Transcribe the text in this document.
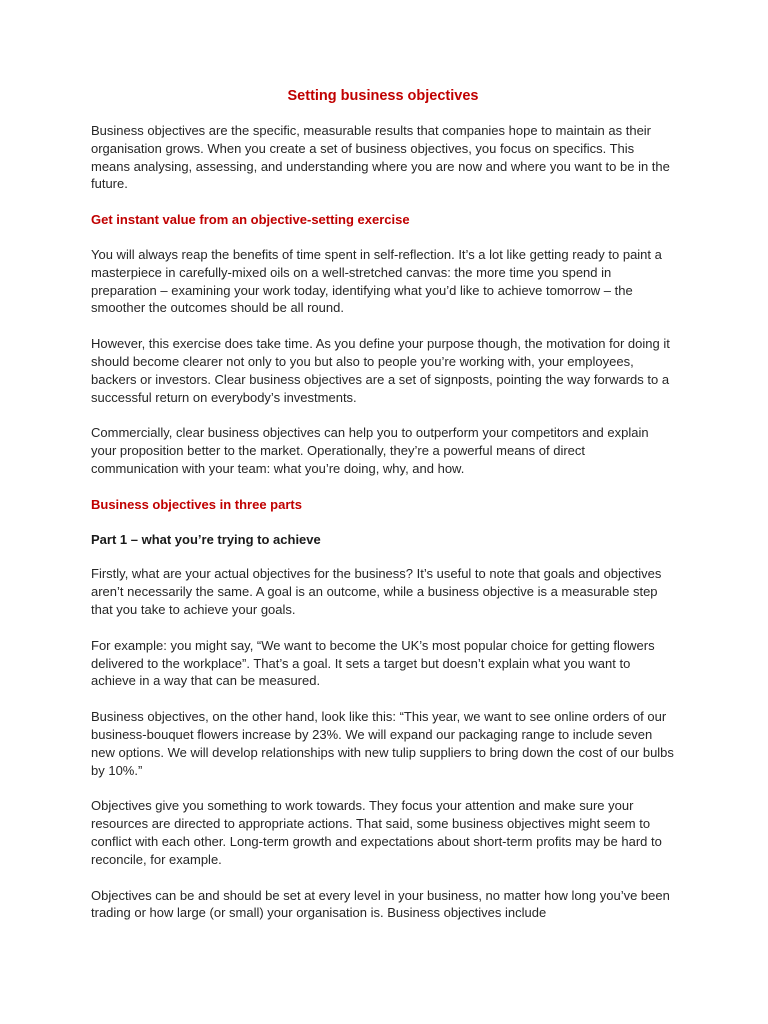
Setting business objectives

Business objectives are the specific, measurable results that companies hope to maintain as their organisation grows. When you create a set of business objectives, you focus on specifics. This means analysing, assessing, and understanding where you are now and where you want to be in the future.

Get instant value from an objective-setting exercise

You will always reap the benefits of time spent in self-reflection. It’s a lot like getting ready to paint a masterpiece in carefully-mixed oils on a well-stretched canvas: the more time you spend in preparation – examining your work today, identifying what you’d like to achieve tomorrow – the smoother the outcomes should be all round.

However, this exercise does take time. As you define your purpose though, the motivation for doing it should become clearer not only to you but also to people you’re working with, your employees, backers or investors. Clear business objectives are a set of signposts, pointing the way forwards to a successful return on everybody’s investments.

Commercially, clear business objectives can help you to outperform your competitors and explain your proposition better to the market. Operationally, they’re a powerful means of direct communication with your team: what you’re doing, why, and how.

Business objectives in three parts
Part 1 – what you’re trying to achieve

Firstly, what are your actual objectives for the business? It’s useful to note that goals and objectives aren’t necessarily the same. A goal is an outcome, while a business objective is a measurable step that you take to achieve your goals.

For example: you might say, “We want to become the UK’s most popular choice for getting flowers delivered to the workplace”. That’s a goal. It sets a target but doesn’t explain what you want to achieve in a way that can be measured.

Business objectives, on the other hand, look like this: “This year, we want to see online orders of our business-bouquet flowers increase by 23%. We will expand our packaging range to include seven new options. We will develop relationships with new tulip suppliers to bring down the cost of our bulbs by 10%.”

Objectives give you something to work towards. They focus your attention and make sure your resources are directed to appropriate actions. That said, some business objectives might seem to conflict with each other. Long-term growth and expectations about short-term profits may be hard to reconcile, for example.

Objectives can be and should be set at every level in your business, no matter how long you’ve been trading or how large (or small) your organisation is. Business objectives include
